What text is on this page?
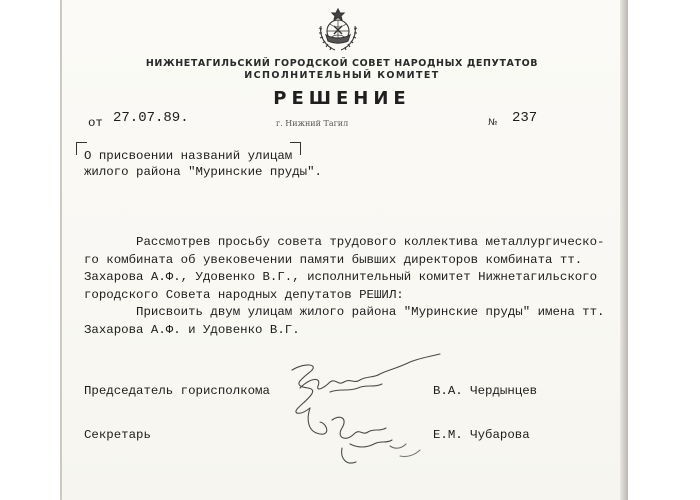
НИЖНЕТАГИЛЬСКИЙ ГОРОДСКОЙ СОВЕТ НАРОДНЫХ ДЕПУТАТОВ
ИСПОЛНИТЕЛЬНЫЙ КОМИТЕТ
РЕШЕНИЕ
от 27.07.89.	г. Нижний Тагил	№ 237
О присвоении названий улицам
жилого района "Муринские пруды".
Рассмотрев просьбу совета трудового коллектива металлургическо-
го комбината об увековечении памяти бывших директоров комбината тт.
Захарова А.Ф., Удовенко В.Г., исполнительный комитет Нижнетагильского
городского Совета народных депутатов РЕШИЛ:
Присвоить двум улицам жилого района "Муринские пруды" имена тт.
Захарова А.Ф. и Удовенко В.Г.
Председатель горисполкома	В.А. Чердынцев
Секретарь	Е.М. Чубарова
